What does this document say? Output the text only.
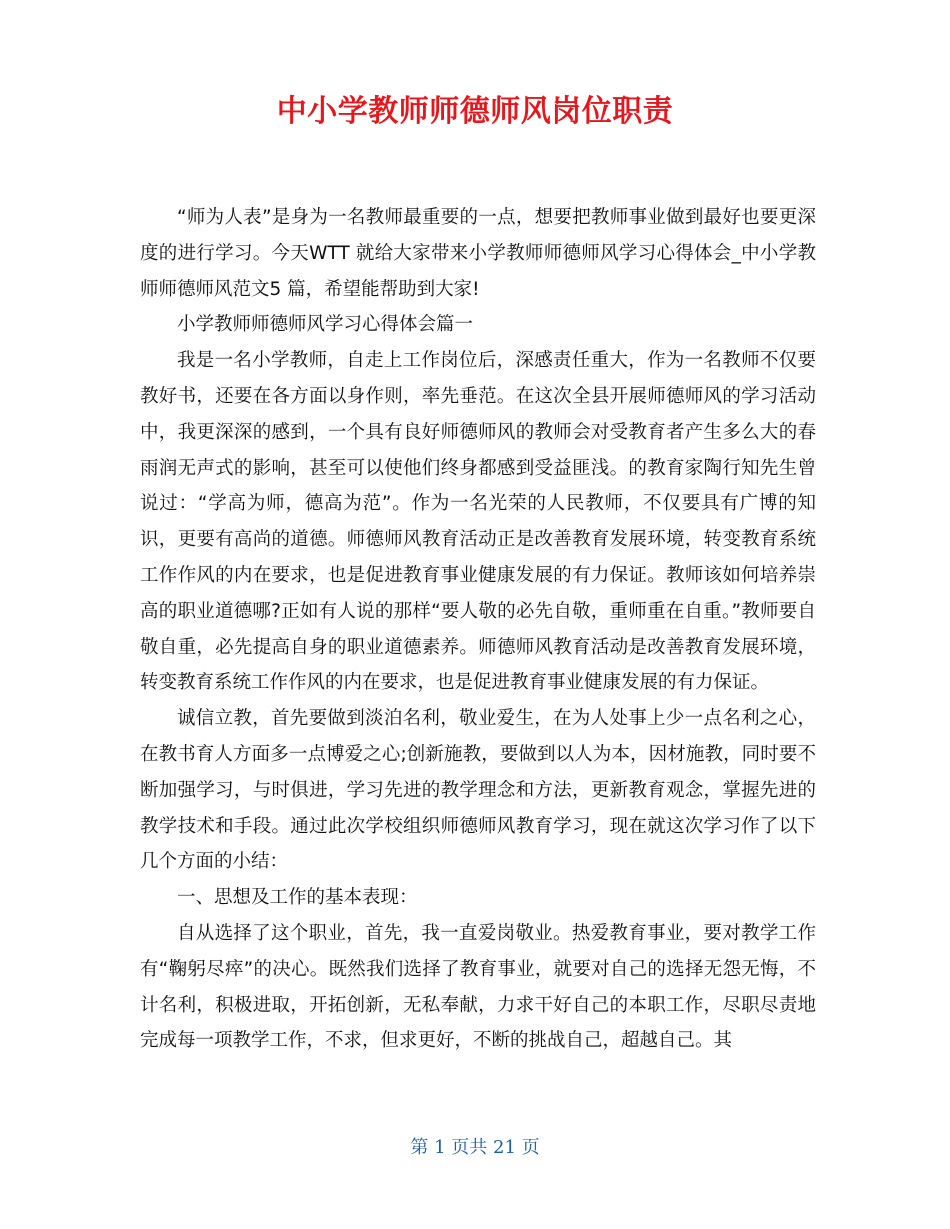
中小学教师师德师风岗位职责

“师为人表”是身为一名教师最重要的一点，想要把教师事业做到最好也要更深度的进行学习。今天WTT 就给大家带来小学教师师德师风学习心得体会_中小学教师师德师风范文5 篇，希望能帮助到大家!

小学教师师德师风学习心得体会篇一

我是一名小学教师，自走上工作岗位后，深感责任重大，作为一名教师不仅要教好书，还要在各方面以身作则，率先垂范。在这次全县开展师德师风的学习活动中，我更深深的感到，一个具有良好师德师风的教师会对受教育者产生多么大的春雨润无声式的影响，甚至可以使他们终身都感到受益匪浅。的教育家陶行知先生曾说过：“学高为师，德高为范”。作为一名光荣的人民教师，不仅要具有广博的知识，更要有高尚的道德。师德师风教育活动正是改善教育发展环境，转变教育系统工作作风的内在要求，也是促进教育事业健康发展的有力保证。教师该如何培养崇高的职业道德哪?正如有人说的那样“要人敬的必先自敬，重师重在自重。”教师要自敬自重，必先提高自身的职业道德素养。师德师风教育活动是改善教育发展环境，转变教育系统工作作风的内在要求，也是促进教育事业健康发展的有力保证。

诚信立教，首先要做到淡泊名利，敬业爱生，在为人处事上少一点名利之心，在教书育人方面多一点博爱之心;创新施教，要做到以人为本，因材施教，同时要不断加强学习，与时俱进，学习先进的教学理念和方法，更新教育观念，掌握先进的教学技术和手段。通过此次学校组织师德师风教育学习，现在就这次学习作了以下几个方面的小结：

一、思想及工作的基本表现：

自从选择了这个职业，首先，我一直爱岗敬业。热爱教育事业，要对教学工作有“鞠躬尽瘁”的决心。既然我们选择了教育事业，就要对自己的选择无怨无悔，不计名利，积极进取，开拓创新，无私奉献，力求干好自己的本职工作，尽职尽责地完成每一项教学工作，不求，但求更好，不断的挑战自己，超越自己。其

第 1 页共 21 页
